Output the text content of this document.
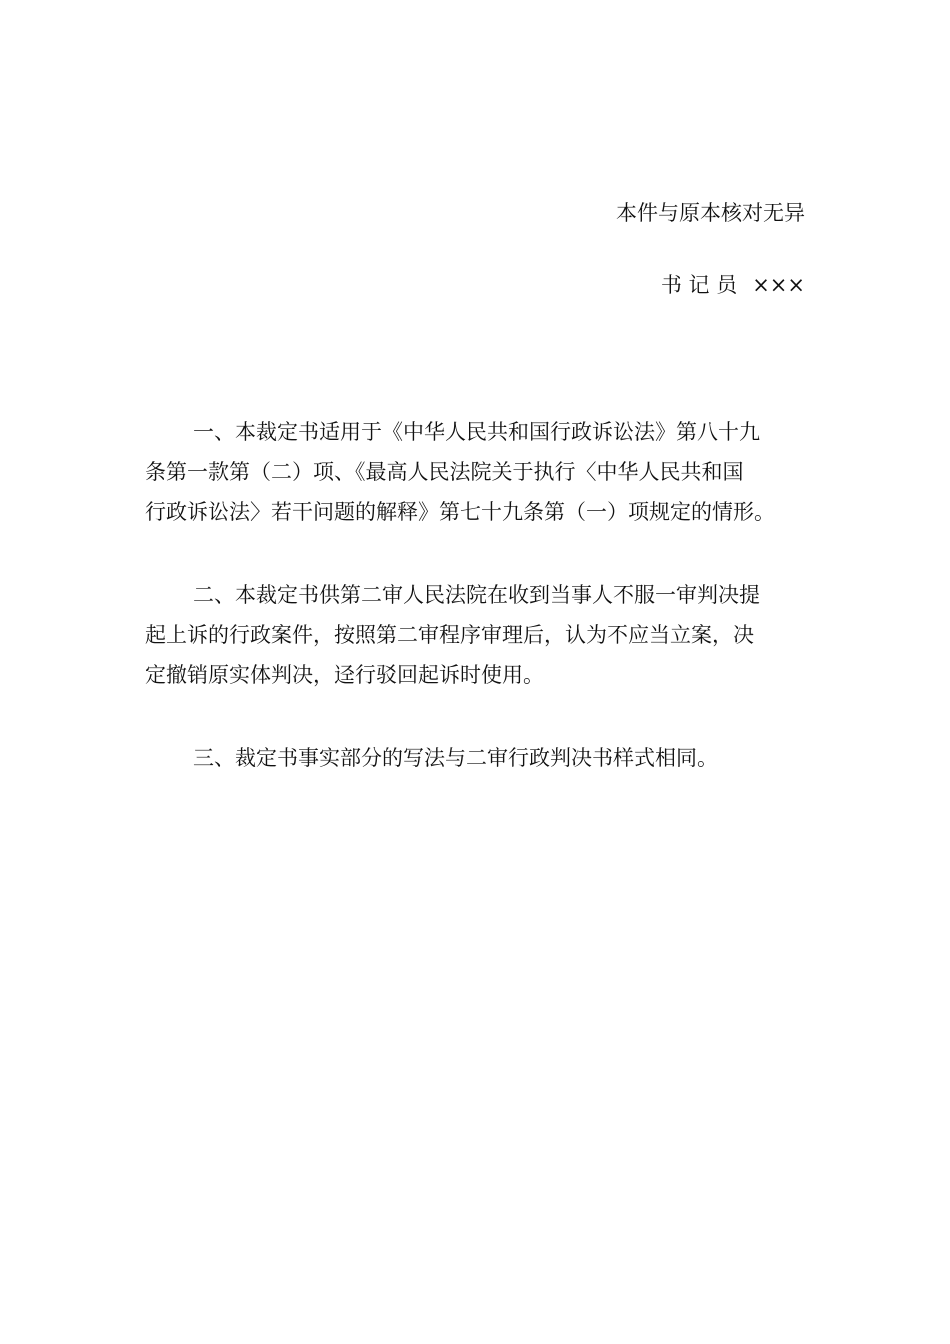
本件与原本核对无异
书 记 员 ×××
一、本裁定书适用于《中华人民共和国行政诉讼法》第八十九
条第一款第（二）项、《最高人民法院关于执行〈中华人民共和国
行政诉讼法〉若干问题的解释》第七十九条第（一）项规定的情形。
二、本裁定书供第二审人民法院在收到当事人不服一审判决提
起上诉的行政案件，按照第二审程序审理后，认为不应当立案，决
定撤销原实体判决，迳行驳回起诉时使用。
三、裁定书事实部分的写法与二审行政判决书样式相同。
